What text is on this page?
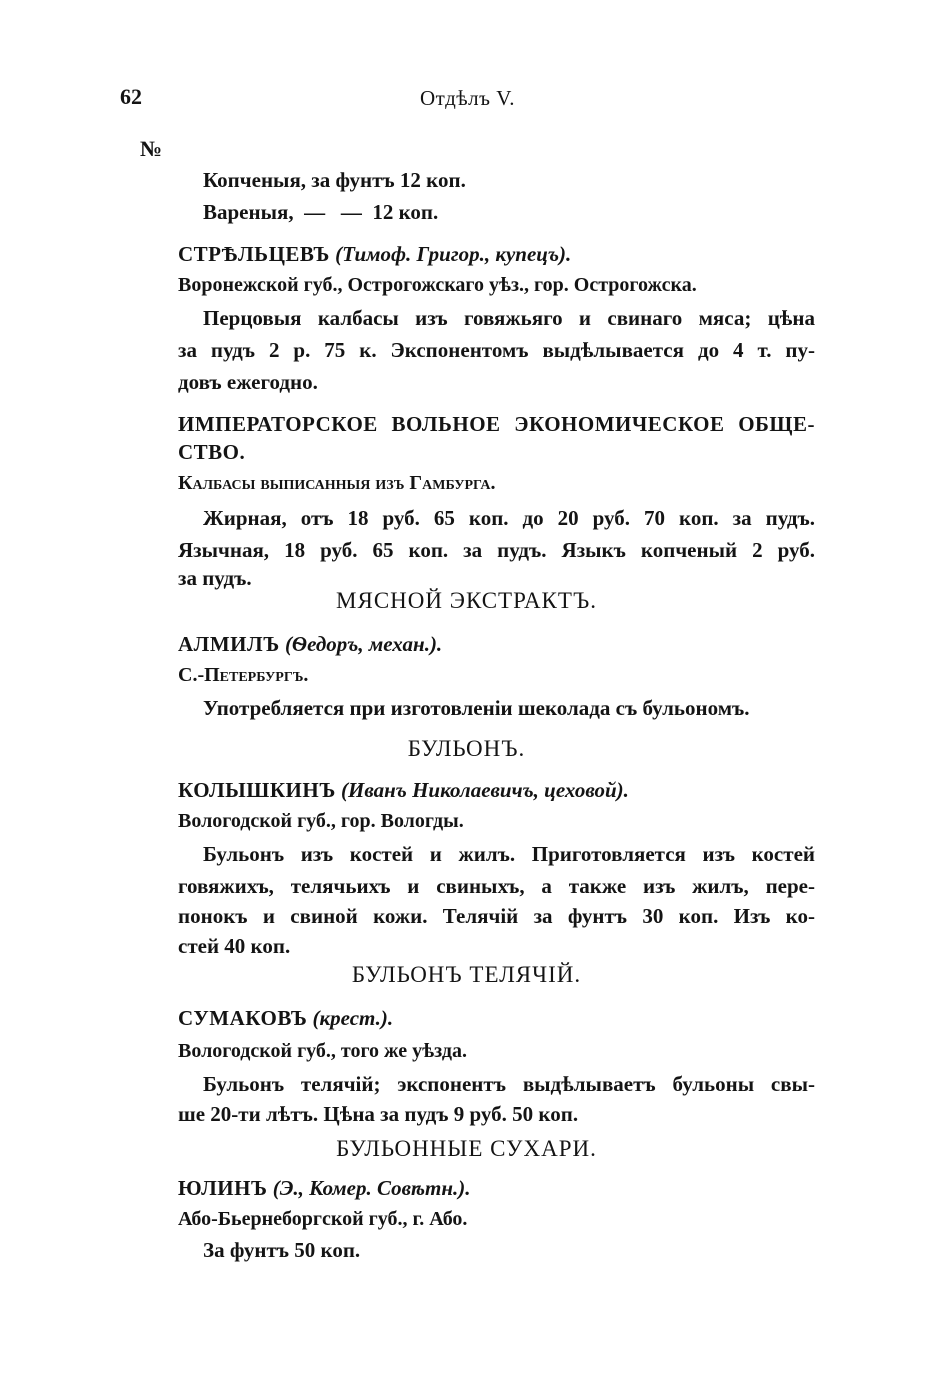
62	Отдѣлъ V.
№
Копченыя, за фунтъ 12 коп.
Вареныя,  —   —  12 коп.
СТРѢЛЬЦЕВЪ (Тимоф. Григор., купецъ).
Воронежской губ., Острогожскаго уѣз., гор. Острогожска.
Перцовыя калбасы изъ говяжьяго и свинаго мяса; цѣна
за пудъ 2 р. 75 к. Экспонентомъ выдѣлывается до 4 т. пу-
довъ ежегодно.
ИМПЕРАТОРСКОЕ ВОЛЬНОЕ ЭКОНОМИЧЕСКОЕ ОБЩЕ-
СТВО.
Калбасы выписанныя изъ Гамбурга.
Жирная, отъ 18 руб. 65 коп. до 20 руб. 70 коп. за пудъ.
Язычная, 18 руб. 65 коп. за пудъ. Языкъ копченый 2 руб.
за пудъ.
МЯСНОЙ ЭКСТРАКТЪ.
АЛМИЛЪ (Ѳедоръ, механ.).
С.-Петербургъ.
Употребляется при изготовленіи шеколада съ бульономъ.
БУЛЬОНЪ.
КОЛЫШКИНЪ (Иванъ Николаевичъ, цеховой).
Вологодской губ., гор. Вологды.
Бульонъ изъ костей и жилъ. Приготовляется изъ костей
говяжихъ, телячьихъ и свиныхъ, а также изъ жилъ, пере-
понокъ и свиной кожи. Телячій за фунтъ 30 коп. Изъ ко-
стей 40 коп.
БУЛЬОНЪ ТЕЛЯЧІЙ.
СУМАКОВЪ (крест.).
Вологодской губ., того же уѣзда.
Бульонъ телячій; экспонентъ выдѣлываетъ бульоны свы-
ше 20-ти лѣтъ. Цѣна за пудъ 9 руб. 50 коп.
БУЛЬОННЫЕ СУХАРИ.
ЮЛИНЪ (Э., Комер. Совѣтн.).
Або-Бьернеборгской губ., г. Або.
За фунтъ 50 коп.
